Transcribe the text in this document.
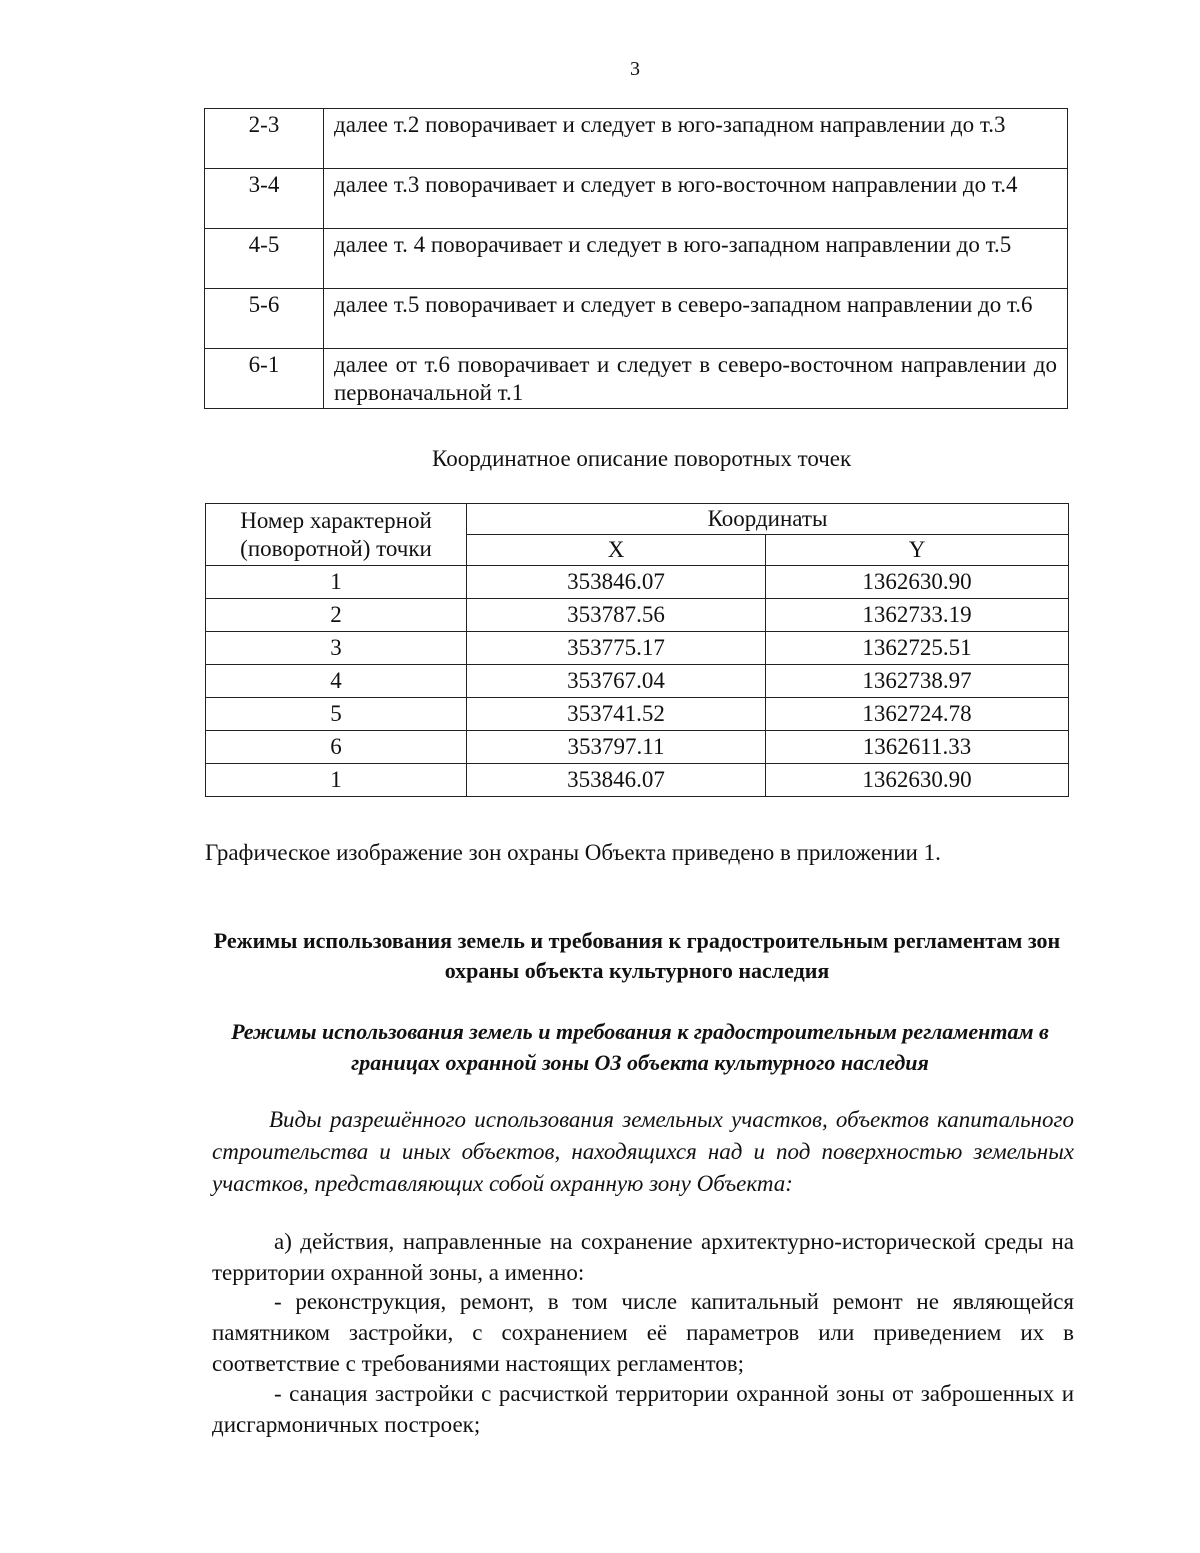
3
2-3	далее т.2 поворачивает и следует в юго-западном направлении до т.3
3-4	далее т.3 поворачивает и следует в юго-восточном направлении до т.4
4-5	далее т. 4 поворачивает и следует в юго-западном направлении до т.5
5-6	далее т.5 поворачивает и следует в северо-западном направлении до т.6
6-1	далее от т.6 поворачивает и следует в северо-восточном направлении до первоначальной т.1
Координатное описание поворотных точек
Номер характерной (поворотной) точки	Координаты	
	X	Y
1	353846.07	1362630.90
2	353787.56	1362733.19
3	353775.17	1362725.51
4	353767.04	1362738.97
5	353741.52	1362724.78
6	353797.11	1362611.33
1	353846.07	1362630.90
Графическое изображение зон охраны Объекта приведено в приложении 1.
Режимы использования земель и требования к градостроительным регламентам зон охраны объекта культурного наследия
Режимы использования земель и требования к градостроительным регламентам в границах охранной зоны ОЗ объекта культурного наследия

Виды разрешённого использования земельных участков, объектов капитального строительства и иных объектов, находящихся над и под поверхностью земельных участков, представляющих собой охранную зону Объекта:

а) действия, направленные на сохранение архитектурно-исторической среды на территории охранной зоны, а именно:

- реконструкция, ремонт, в том числе капитальный ремонт не являющейся памятником застройки, с сохранением её параметров или приведением их в соответствие с требованиями настоящих регламентов;

- санация застройки с расчисткой территории охранной зоны от заброшенных и дисгармоничных построек;
